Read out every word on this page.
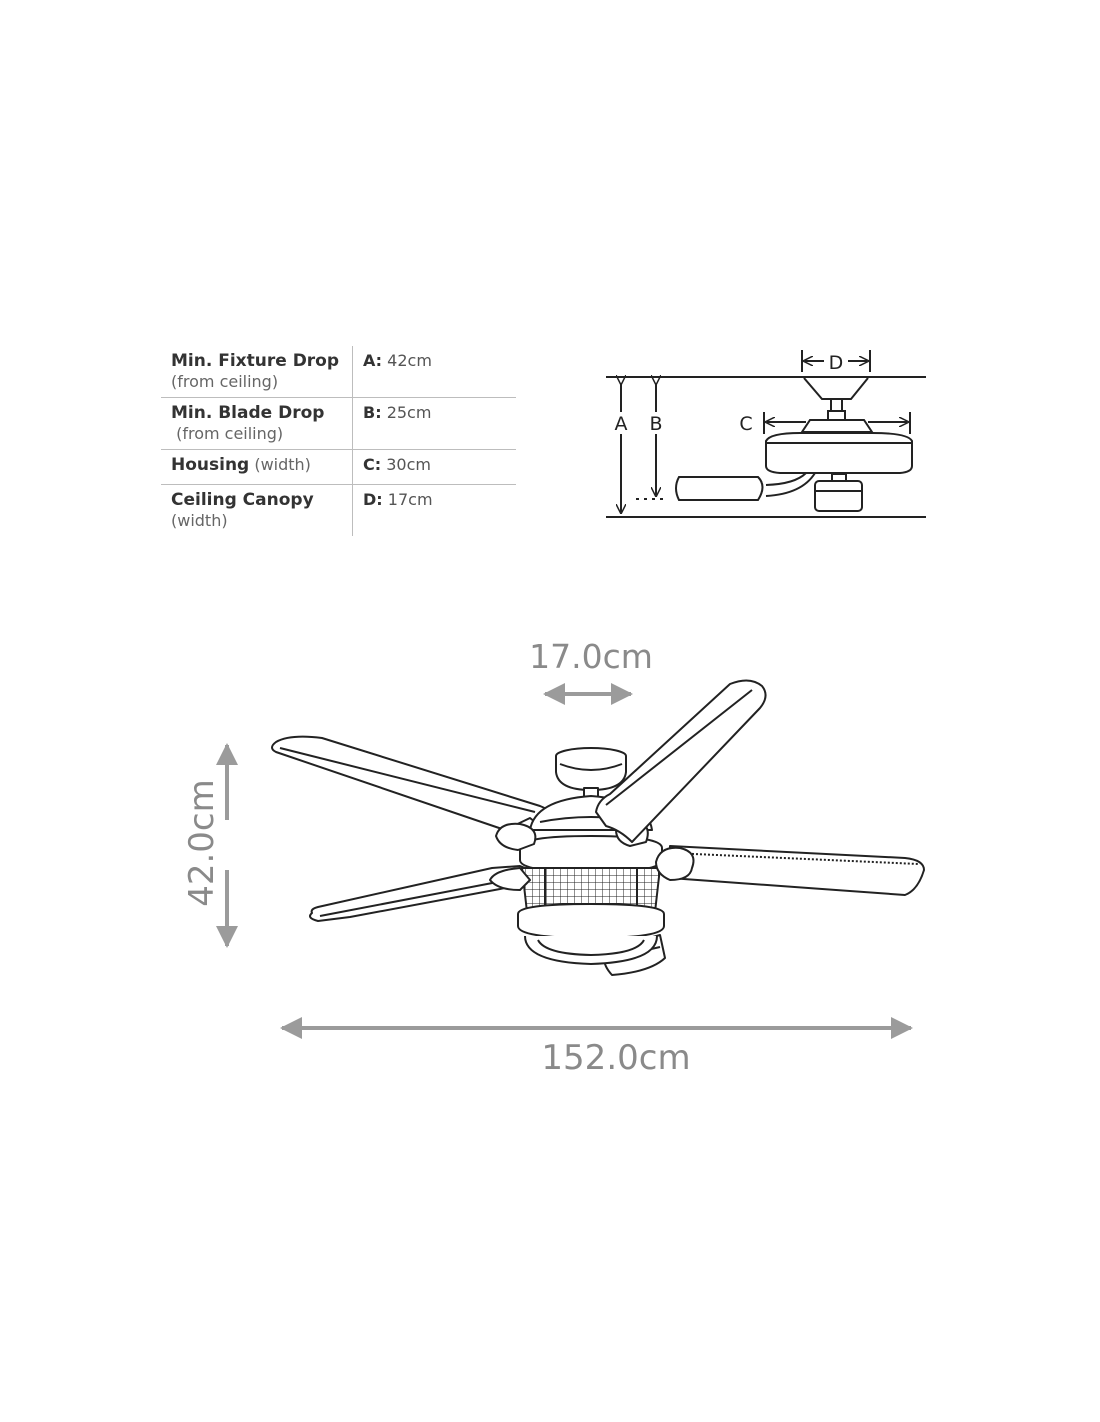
Min. Fixture Drop
(from ceiling)
A: 42cm
Min. Blade Drop
(from ceiling)
B: 25cm
Housing (width)	C: 30cm
Ceiling Canopy
(width)
D: 17cm
A B	C
D
17.0cm
42.0cm
152.0cm
